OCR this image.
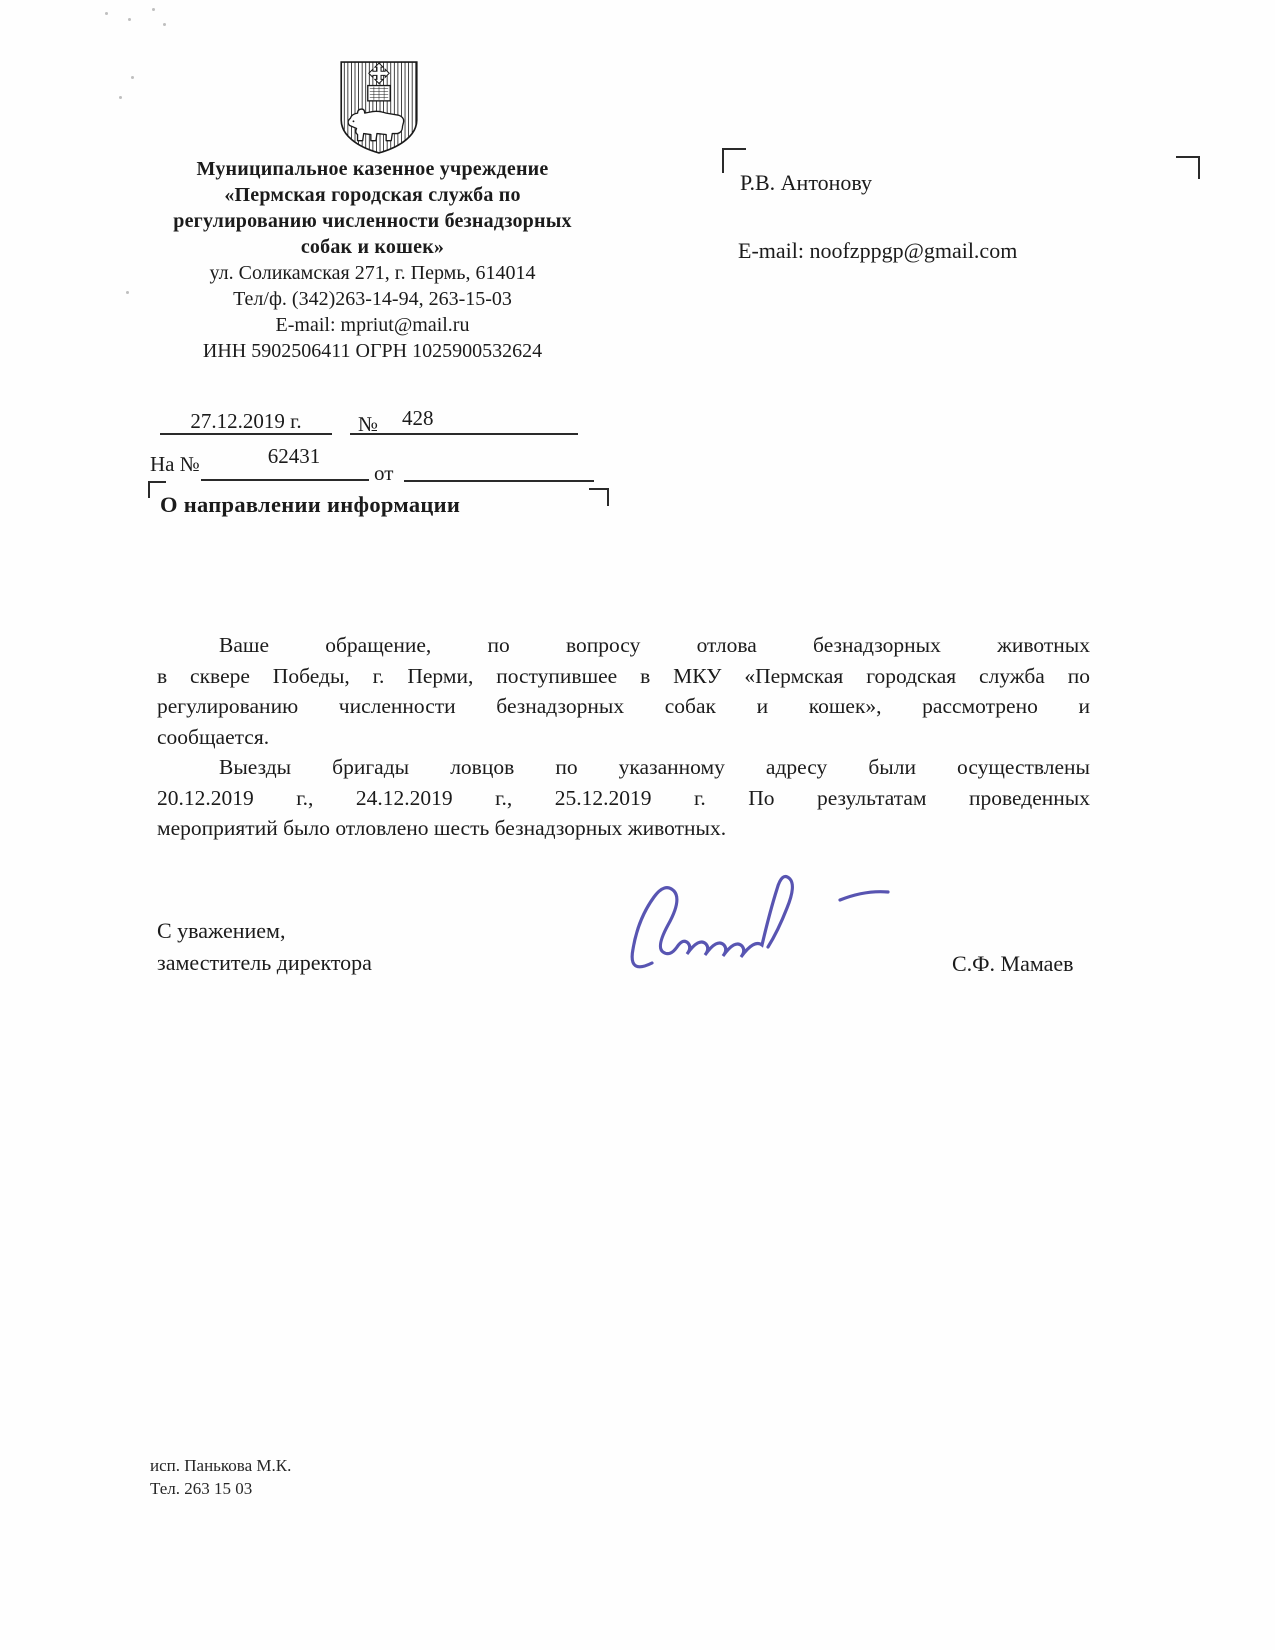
Муниципальное казенное учреждение
«Пермская городская служба по
регулированию численности безнадзорных
собак и кошек»
ул. Соликамская 271, г. Пермь, 614014
Тел/ф. (342)263-14-94, 263-15-03
E-mail: mpriut@mail.ru
ИНН 5902506411 ОГРН 1025900532624
27.12.2019 г.	№ 428
На №	62431
от
О направлении информации
Р.В. Антонову
E-mail: noofzppgp@gmail.com
Ваше обращение, по вопросу отлова безнадзорных животных
в сквере Победы, г. Перми, поступившее в МКУ «Пермская городская служба по
регулированию численности безнадзорных собак и кошек», рассмотрено и
сообщается.
Выезды бригады ловцов по указанному адресу были осуществлены
20.12.2019 г., 24.12.2019 г., 25.12.2019 г. По результатам проведенных
мероприятий было отловлено шесть безнадзорных животных.
С уважением,
заместитель директора	С.Ф. Мамаев
исп. Панькова М.К.
Тел. 263 15 03
